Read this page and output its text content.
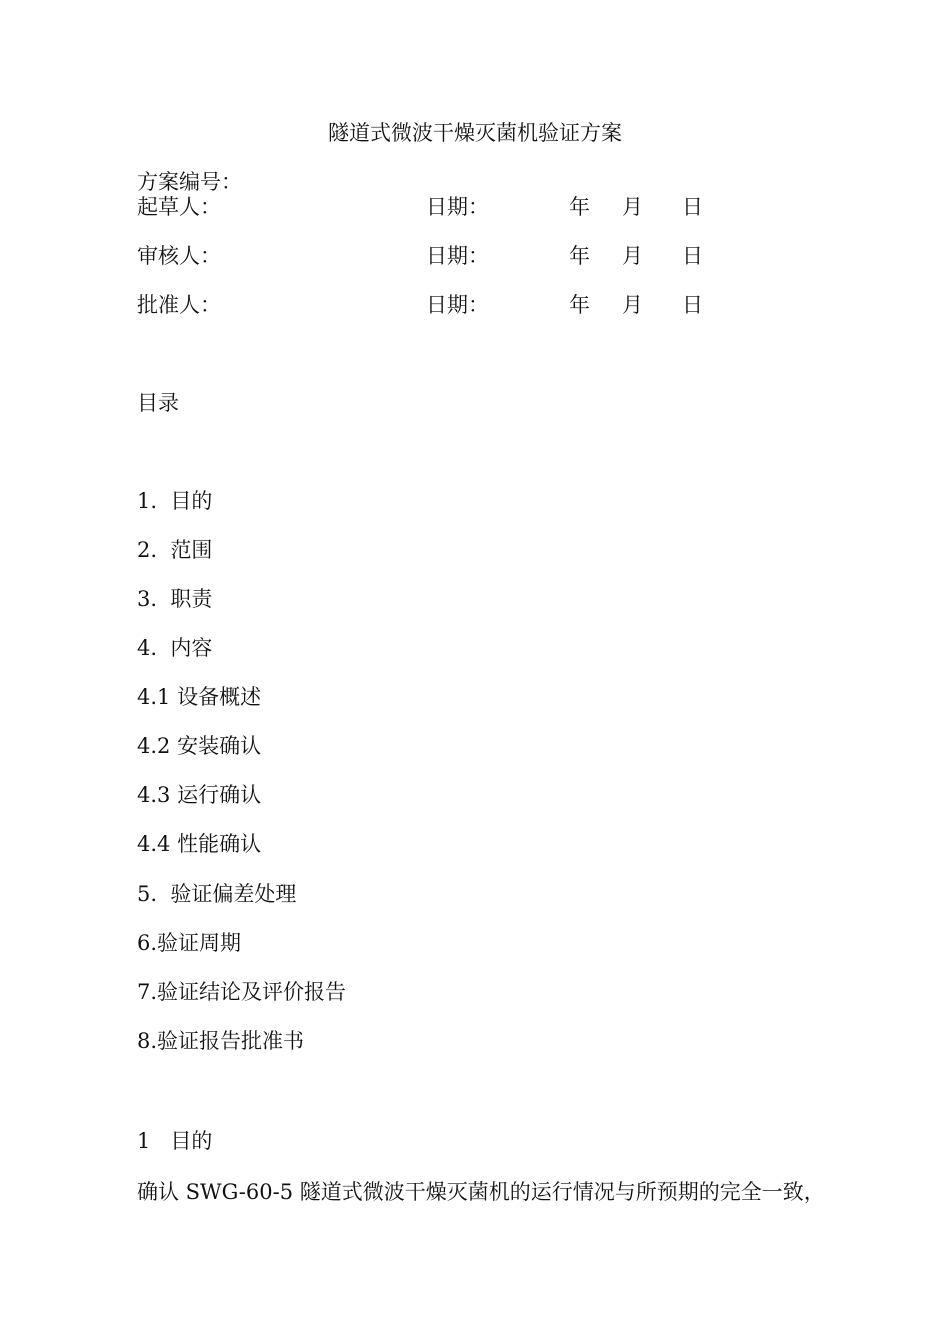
隧道式微波干燥灭菌机验证方案
方案编号：
起草人：	日期：	年 月 日
审核人：	日期：	年 月 日
批准人：	日期：	年 月 日
目录
1.  目的
2.  范围
3.  职责
4.  内容
4.1 设备概述
4.2 安装确认
4.3 运行确认
4.4 性能确认
5.  验证偏差处理
6.验证周期
7.验证结论及评价报告
8.验证报告批准书
1   目的
确认 SWG-60-5 隧道式微波干燥灭菌机的运行情况与所预期的完全一致，
